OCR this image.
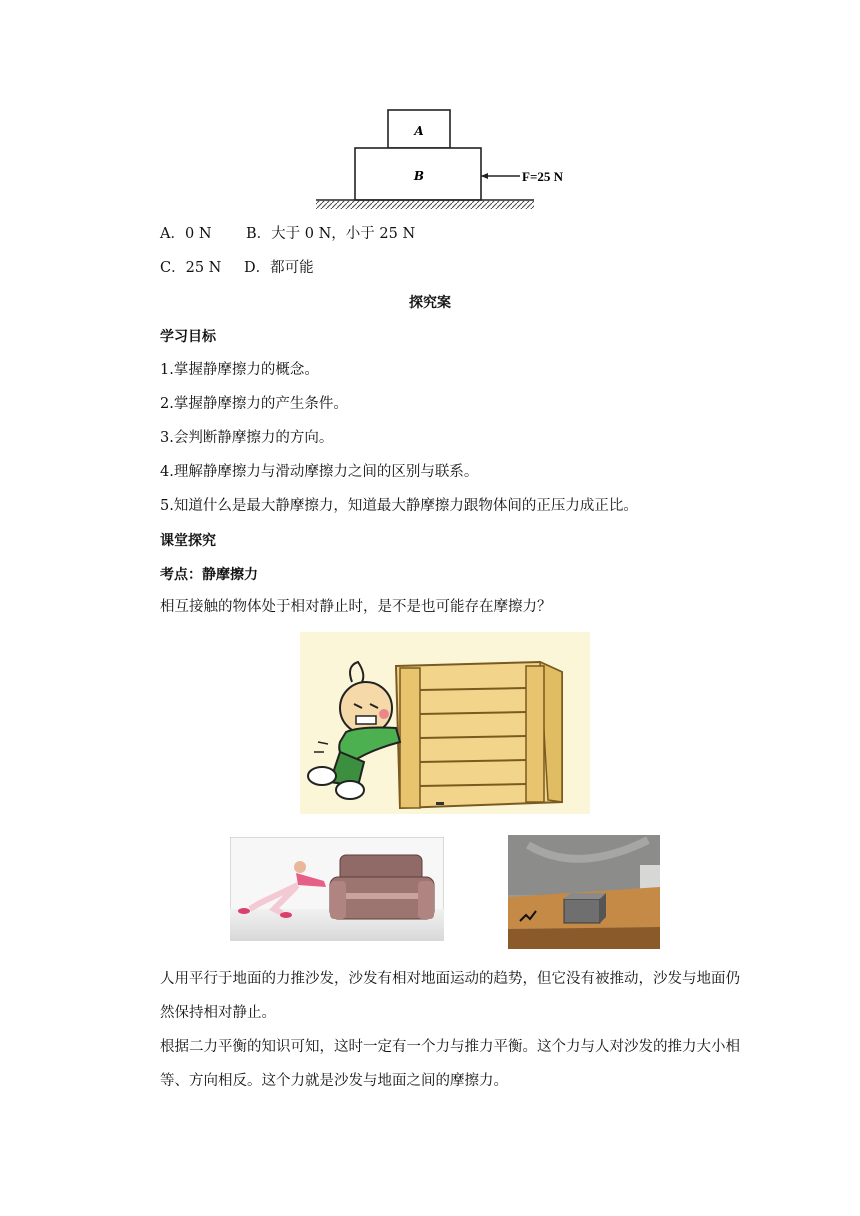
A
B	F=25 N
A．0 N B．大于 0 N，小于 25 N
C．25 N D．都可能
探究案
学习目标
1.掌握静摩擦力的概念。
2.掌握静摩擦力的产生条件。
3.会判断静摩擦力的方向。
4.理解静摩擦力与滑动摩擦力之间的区别与联系。
5.知道什么是最大静摩擦力，知道最大静摩擦力跟物体间的正压力成正比。
课堂探究
考点：静摩擦力
相互接触的物体处于相对静止时，是不是也可能存在摩擦力？
人用平行于地面的力推沙发，沙发有相对地面运动的趋势，但它没有被推动，沙发与地面仍然保持相对静止。
根据二力平衡的知识可知，这时一定有一个力与推力平衡。这个力与人对沙发的推力大小相等、方向相反。这个力就是沙发与地面之间的摩擦力。
